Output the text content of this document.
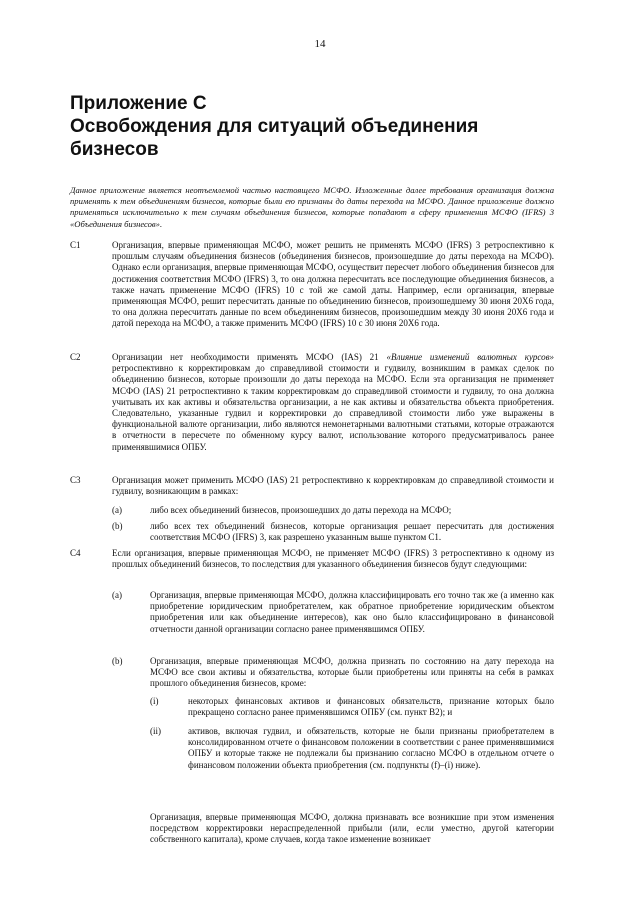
14
Приложение С
Освобождения для ситуаций объединения
бизнесов

Данное приложение является неотъемлемой частью настоящего МСФО. Изложенные далее требования организация должна применять к тем объединениям бизнесов, которые были ею признаны до даты перехода на МСФО. Данное приложение должно применяться исключительно к тем случаям объединения бизнесов, которые попадают в сферу применения МСФО (IFRS) 3 «Объединения бизнесов».

C1	Организация, впервые применяющая МСФО, может решить не применять МСФО (IFRS) 3 ретроспективно к прошлым случаям объединения бизнесов (объединения бизнесов, произошедшие до даты перехода на МСФО). Однако если организация, впервые применяющая МСФО, осуществит пересчет любого объединения бизнесов для достижения соответствия МСФО (IFRS) 3, то она должна пересчитать все последующие объединения бизнесов, а также начать применение МСФО (IFRS) 10 с той же самой даты. Например, если организация, впервые применяющая МСФО, решит пересчитать данные по объединению бизнесов, произошедшему 30 июня 20Х6 года, то она должна пересчитать данные по всем объединениям бизнесов, произошедшим между 30 июня 20Х6 года и датой перехода на МСФО, а также применить МСФО (IFRS) 10 с 30 июня 20Х6 года.

C2	Организации нет необходимости применять МСФО (IAS) 21 «Влияние изменений валютных курсов» ретроспективно к корректировкам до справедливой стоимости и гудвилу, возникшим в рамках сделок по объединению бизнесов, которые произошли до даты перехода на МСФО. Если эта организация не применяет МСФО (IAS) 21 ретроспективно к таким корректировкам до справедливой стоимости и гудвилу, то она должна учитывать их как активы и обязательства организации, а не как активы и обязательства объекта приобретения. Следовательно, указанные гудвил и корректировки до справедливой стоимости либо уже выражены в функциональной валюте организации, либо являются немонетарными валютными статьями, которые отражаются в отчетности в пересчете по обменному курсу валют, использование которого предусматривалось ранее применявшимися ОПБУ.

C3	Организация может применить МСФО (IAS) 21 ретроспективно к корректировкам до справедливой стоимости и гудвилу, возникающим в рамках:

(a)	либо всех объединений бизнесов, произошедших до даты перехода на МСФО;

(b)	либо всех тех объединений бизнесов, которые организация решает пересчитать для достижения соответствия МСФО (IFRS) 3, как разрешено указанным выше пунктом С1.

C4	Если организация, впервые применяющая МСФО, не применяет МСФО (IFRS) 3 ретроспективно к одному из прошлых объединений бизнесов, то последствия для указанного объединения бизнесов будут следующими:

(a)	Организация, впервые применяющая МСФО, должна классифицировать его точно так же (а именно как приобретение юридическим приобретателем, как обратное приобретение юридическим объектом приобретения или как объединение интересов), как оно было классифицировано в финансовой отчетности данной организации согласно ранее применявшимся ОПБУ.

(b)	Организация, впервые применяющая МСФО, должна признать по состоянию на дату перехода на МСФО все свои активы и обязательства, которые были приобретены или приняты на себя в рамках прошлого объединения бизнесов, кроме:

(i)	некоторых финансовых активов и финансовых обязательств, признание которых было прекращено согласно ранее применявшимся ОПБУ (см. пункт В2); и

(ii)	активов, включая гудвил, и обязательств, которые не были признаны приобретателем в консолидированном отчете о финансовом положении в соответствии с ранее применявшимися ОПБУ и которые также не подлежали бы признанию согласно МСФО в отдельном отчете о финансовом положении объекта приобретения (см. подпункты (f)–(i) ниже).

Организация, впервые применяющая МСФО, должна признавать все возникшие при этом изменения посредством корректировки нераспределенной прибыли (или, если уместно, другой категории собственного капитала), кроме случаев, когда такое изменение возникает
